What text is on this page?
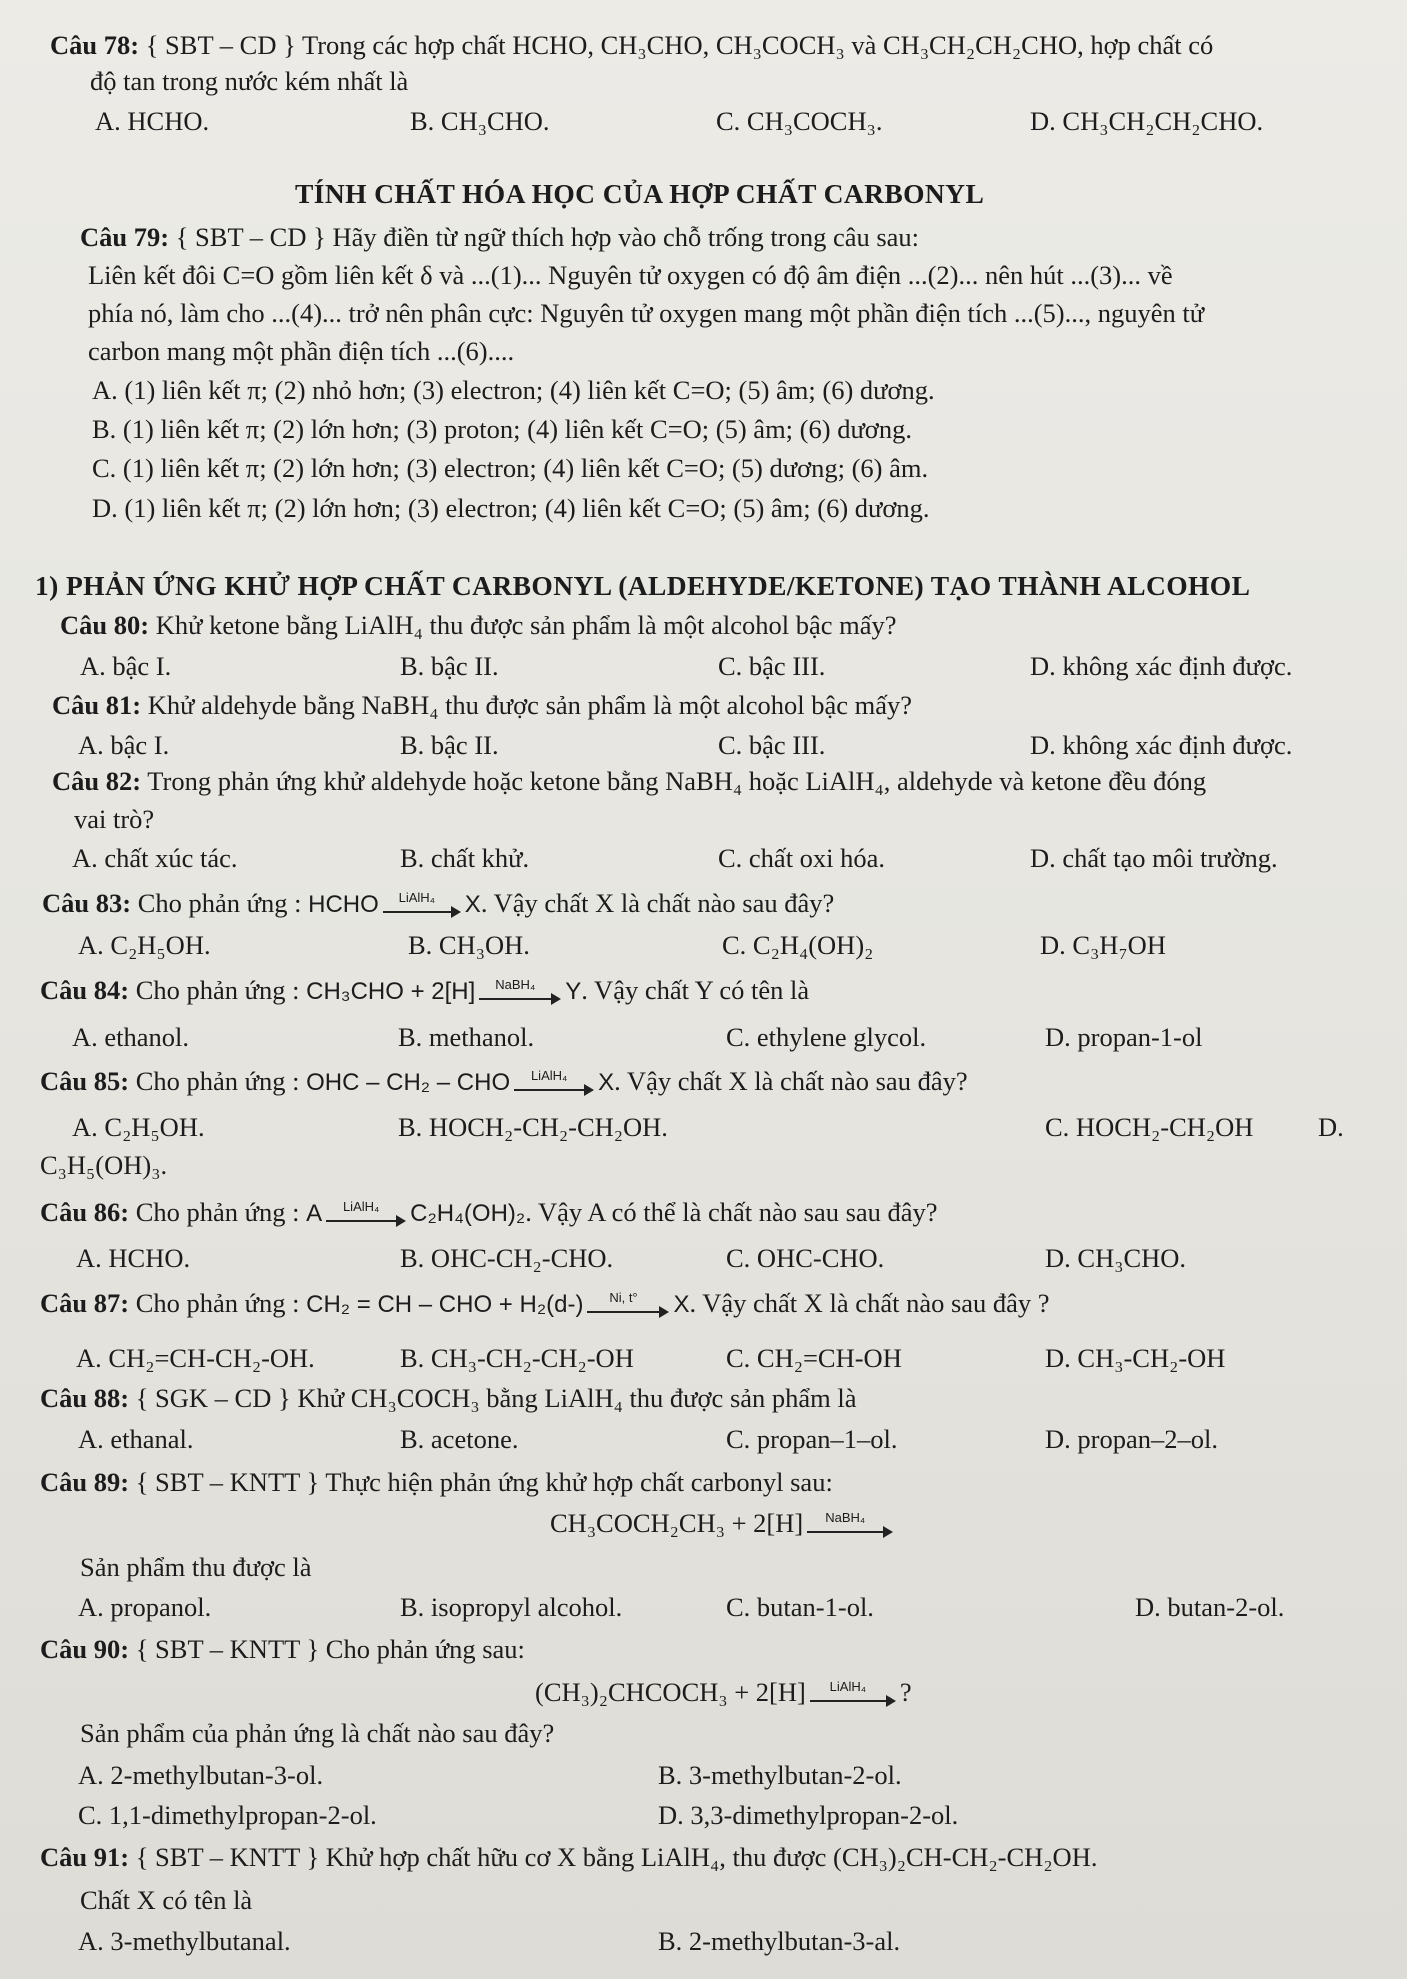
Câu 78: { SBT – CD } Trong các hợp chất HCHO, CH₃CHO, CH₃COCH₃ và CH₃CH₂CH₂CHO, hợp chất có
độ tan trong nước kém nhất là
A. HCHO.	B. CH₃CHO.	C. CH₃COCH₃.	D. CH₃CH₂CH₂CHO.
TÍNH CHẤT HÓA HỌC CỦA HỢP CHẤT CARBONYL
Câu 79: { SBT – CD } Hãy điền từ ngữ thích hợp vào chỗ trống trong câu sau:
Liên kết đôi C=O gồm liên kết δ và ...(1)... Nguyên tử oxygen có độ âm điện ...(2)... nên hút ...(3)... về
phía nó, làm cho ...(4)... trở nên phân cực: Nguyên tử oxygen mang một phần điện tích ...(5)..., nguyên tử
carbon mang một phần điện tích ...(6)....
A. (1) liên kết π; (2) nhỏ hơn; (3) electron; (4) liên kết C=O; (5) âm; (6) dương.
B. (1) liên kết π; (2) lớn hơn; (3) proton; (4) liên kết C=O; (5) âm; (6) dương.
C. (1) liên kết π; (2) lớn hơn; (3) electron; (4) liên kết C=O; (5) dương; (6) âm.
D. (1) liên kết π; (2) lớn hơn; (3) electron; (4) liên kết C=O; (5) âm; (6) dương.
1) PHẢN ỨNG KHỬ HỢP CHẤT CARBONYL (ALDEHYDE/KETONE) TẠO THÀNH ALCOHOL
Câu 80: Khử ketone bằng LiAlH₄ thu được sản phẩm là một alcohol bậc mấy?
A. bậc I.	B. bậc II.	C. bậc III.	D. không xác định được.
Câu 81: Khử aldehyde bằng NaBH₄ thu được sản phẩm là một alcohol bậc mấy?
A. bậc I.	B. bậc II.	C. bậc III.	D. không xác định được.
Câu 82: Trong phản ứng khử aldehyde hoặc ketone bằng NaBH₄ hoặc LiAlH₄, aldehyde và ketone đều đóng
vai trò?
A. chất xúc tác.	B. chất khử.	C. chất oxi hóa.	D. chất tạo môi trường.
Câu 83: Cho phản ứng : HCHO	LiAlH₄	X. Vậy chất X là chất nào sau đây?
A. C₂H₅OH.	B. CH₃OH.	C. C₂H₄(OH)₂	D. C₃H₇OH
Câu 84: Cho phản ứng : CH₃CHO + 2[H]	NaBH₄	Y. Vậy chất Y có tên là
A. ethanol.	B. methanol.	C. ethylene glycol.	D. propan-1-ol
Câu 85: Cho phản ứng : OHC – CH₂ – CHO	LiAlH₄	X. Vậy chất X là chất nào sau đây?
A. C₂H₅OH.	B. HOCH₂-CH₂-CH₂OH.	C. HOCH₂-CH₂OH D.
C₃H₅(OH)₃.
Câu 86: Cho phản ứng : A	LiAlH₄	C₂H₄(OH)₂. Vậy A có thể là chất nào sau sau đây?
A. HCHO.	B. OHC-CH₂-CHO.	C. OHC-CHO.	D. CH₃CHO.
Câu 87: Cho phản ứng : CH₂ = CH – CHO + H₂(d-)	Ni, t°	X. Vậy chất X là chất nào sau đây ?
A. CH₂=CH-CH₂-OH.	B. CH₃-CH₂-CH₂-OH	C. CH₂=CH-OH	D. CH₃-CH₂-OH
Câu 88: { SGK – CD } Khử CH₃COCH₃ bằng LiAlH₄ thu được sản phẩm là
A. ethanal.	B. acetone.	C. propan–1–ol.	D. propan–2–ol.
Câu 89: { SBT – KNTT } Thực hiện phản ứng khử hợp chất carbonyl sau:
CH₃COCH₂CH₃ + 2[H]	NaBH₄
Sản phẩm thu được là
A. propanol.	B. isopropyl alcohol.	C. butan-1-ol.	D. butan-2-ol.
Câu 90: { SBT – KNTT } Cho phản ứng sau:
(CH₃)₂CHCOCH₃ + 2[H]	LiAlH₄	?
Sản phẩm của phản ứng là chất nào sau đây?
A. 2-methylbutan-3-ol.	B. 3-methylbutan-2-ol.
C. 1,1-dimethylpropan-2-ol.	D. 3,3-dimethylpropan-2-ol.
Câu 91: { SBT – KNTT } Khử hợp chất hữu cơ X bằng LiAlH₄, thu được (CH₃)₂CH-CH₂-CH₂OH.
Chất X có tên là
A. 3-methylbutanal.	B. 2-methylbutan-3-al.
